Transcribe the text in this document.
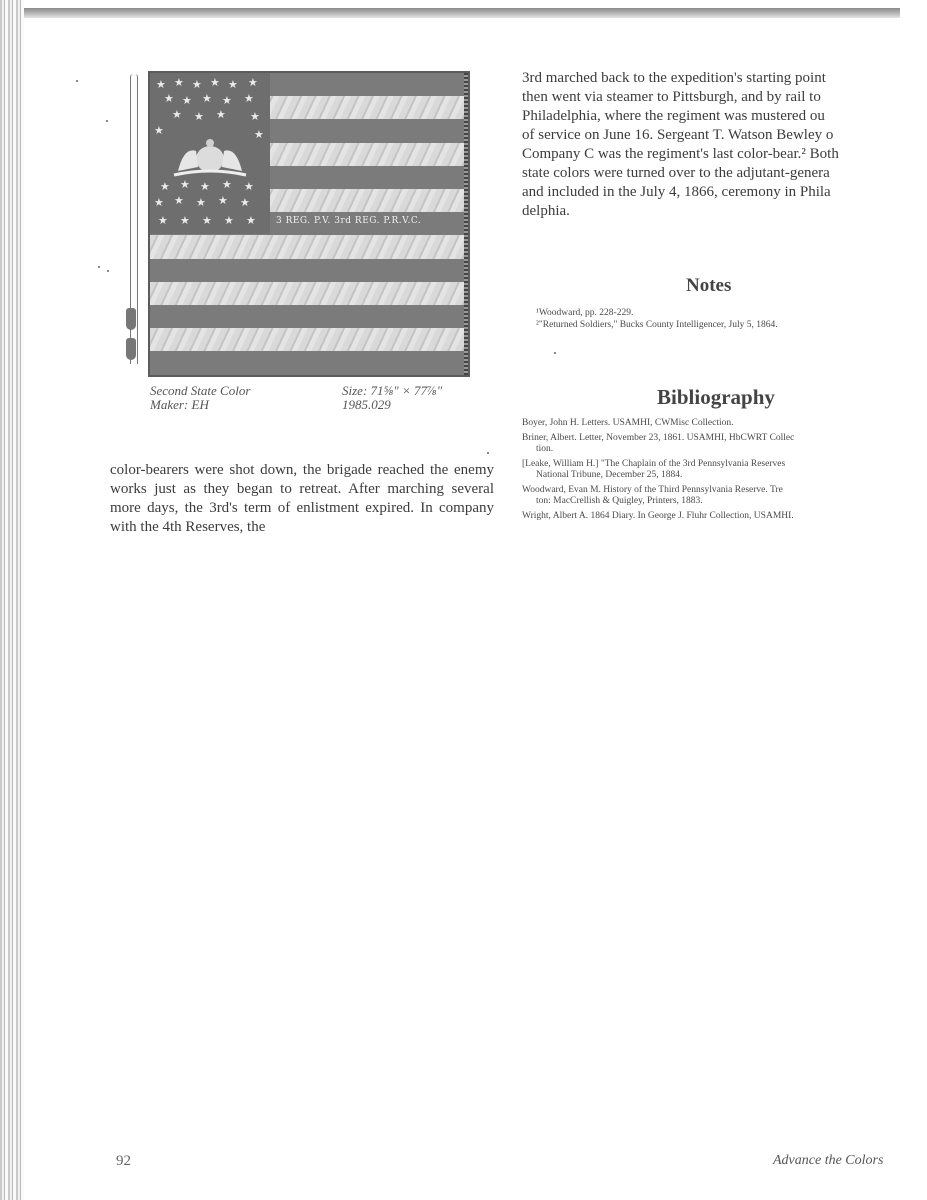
★ ★ ★ ★ ★ ★
★ ★ ★ ★ ★
★ ★ ★ ★
★	★
★ ★ ★ ★ ★
★ ★ ★ ★ ★
★ ★ ★ ★ ★ 3 REG. P.V. 3rd REG. P.R.V.C.
Second State Color
Maker: EH
Size: 71⅝" × 77⅞"
1985.029

color-bearers were shot down, the brigade reached the enemy works just as they began to retreat. After marching several more days, the 3rd's term of enlistment expired. In company with the 4th Reserves, the

3rd marched back to the expedition's starting point
then went via steamer to Pittsburgh, and by rail to
Philadelphia, where the regiment was mustered ou
of service on June 16. Sergeant T. Watson Bewley o
Company C was the regiment's last color-bear.² Both
state colors were turned over to the adjutant-genera
and included in the July 4, 1866, ceremony in Phila
delphia.
Notes
¹Woodward, pp. 228-229.
²"Returned Soldiers," Bucks County Intelligencer, July 5, 1864.
Bibliography
Boyer, John H. Letters. USAMHI, CWMisc Collection.
Briner, Albert. Letter, November 23, 1861. USAMHI, HbCWRT Collec
tion.
[Leake, William H.] "The Chaplain of the 3rd Pennsylvania Reserves
National Tribune, December 25, 1884.
Woodward, Evan M. History of the Third Pennsylvania Reserve. Tre
ton: MacCrellish & Quigley, Printers, 1883.
Wright, Albert A. 1864 Diary. In George J. Fluhr Collection, USAMHI.
92	Advance the Colors
